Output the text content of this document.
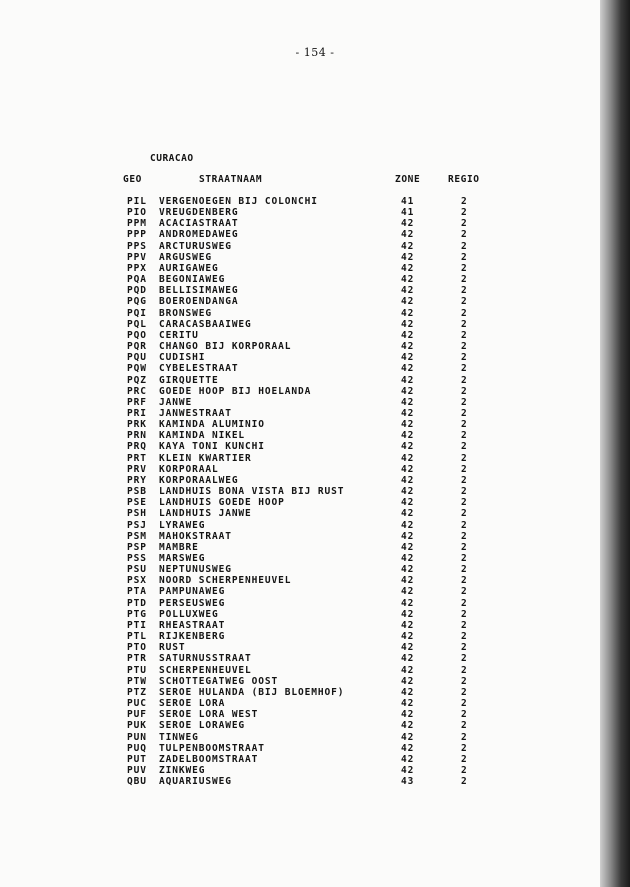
- 154 -
CURACAO
GEO	STRAATNAAM	ZONE	REGIO
PIL VERGENOEGEN BIJ COLONCHI	41	2
PIO VREUGDENBERG	41	2
PPM ACACIASTRAAT	42	2
PPP ANDROMEDAWEG	42	2
PPS ARCTURUSWEG	42	2
PPV ARGUSWEG	42	2
PPX AURIGAWEG	42	2
PQA BEGONIAWEG	42	2
PQD BELLISIMAWEG	42	2
PQG BOEROENDANGA	42	2
PQI BRONSWEG	42	2
PQL CARACASBAAIWEG	42	2
PQO CERITU	42	2
PQR CHANGO BIJ KORPORAAL	42	2
PQU CUDISHI	42	2
PQW CYBELESTRAAT	42	2
PQZ GIRQUETTE	42	2
PRC GOEDE HOOP BIJ HOELANDA	42	2
PRF JANWE	42	2
PRI JANWESTRAAT	42	2
PRK KAMINDA ALUMINIO	42	2
PRN KAMINDA NIKEL	42	2
PRQ KAYA TONI KUNCHI	42	2
PRT KLEIN KWARTIER	42	2
PRV KORPORAAL	42	2
PRY KORPORAALWEG	42	2
PSB LANDHUIS BONA VISTA BIJ RUST	42	2
PSE LANDHUIS GOEDE HOOP	42	2
PSH LANDHUIS JANWE	42	2
PSJ LYRAWEG	42	2
PSM MAHOKSTRAAT	42	2
PSP MAMBRE	42	2
PSS MARSWEG	42	2
PSU NEPTUNUSWEG	42	2
PSX NOORD SCHERPENHEUVEL	42	2
PTA PAMPUNAWEG	42	2
PTD PERSEUSWEG	42	2
PTG POLLUXWEG	42	2
PTI RHEASTRAAT	42	2
PTL RIJKENBERG	42	2
PTO RUST	42	2
PTR SATURNUSSTRAAT	42	2
PTU SCHERPENHEUVEL	42	2
PTW SCHOTTEGATWEG OOST	42	2
PTZ SEROE HULANDA (BIJ BLOEMHOF)	42	2
PUC SEROE LORA	42	2
PUF SEROE LORA WEST	42	2
PUK SEROE LORAWEG	42	2
PUN TINWEG	42	2
PUQ TULPENBOOMSTRAAT	42	2
PUT ZADELBOOMSTRAAT	42	2
PUV ZINKWEG	42	2
QBU AQUARIUSWEG	43	2
